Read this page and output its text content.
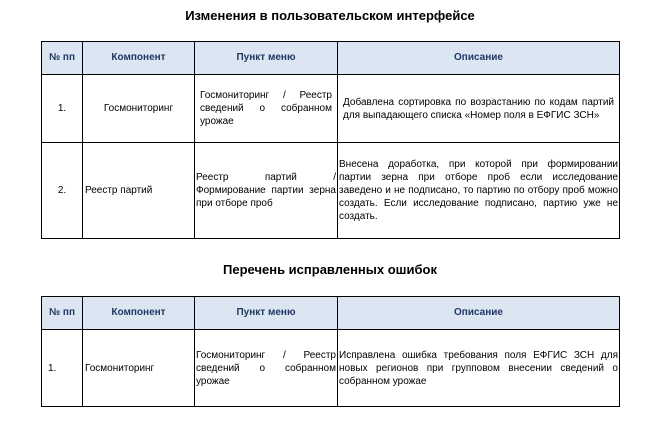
Изменения в пользовательском интерфейсе
№ пп	Компонент	Пункт меню	Описание
1.	Госмониторинг	Госмониторинг / Реестр сведений о собранном урожае	Добавлена сортировка по возрастанию по кодам партий для выпадающего списка «Номер поля в ЕФГИС ЗСН»
2.	Реестр партий	Реестр партий / Формирование партии зерна при отборе проб	Внесена доработка, при которой при формировании партии зерна при отборе проб если исследование заведено и не подписано, то партию по отбору проб можно создать. Если исследование подписано, партию уже не создать.
Перечень исправленных ошибок
№ пп	Компонент	Пункт меню	Описание
1.	Госмониторинг	Госмониторинг / Реестр сведений о собранном урожае	Исправлена ошибка требования поля ЕФГИС ЗСН для новых регионов при групповом внесении сведений о собранном урожае
